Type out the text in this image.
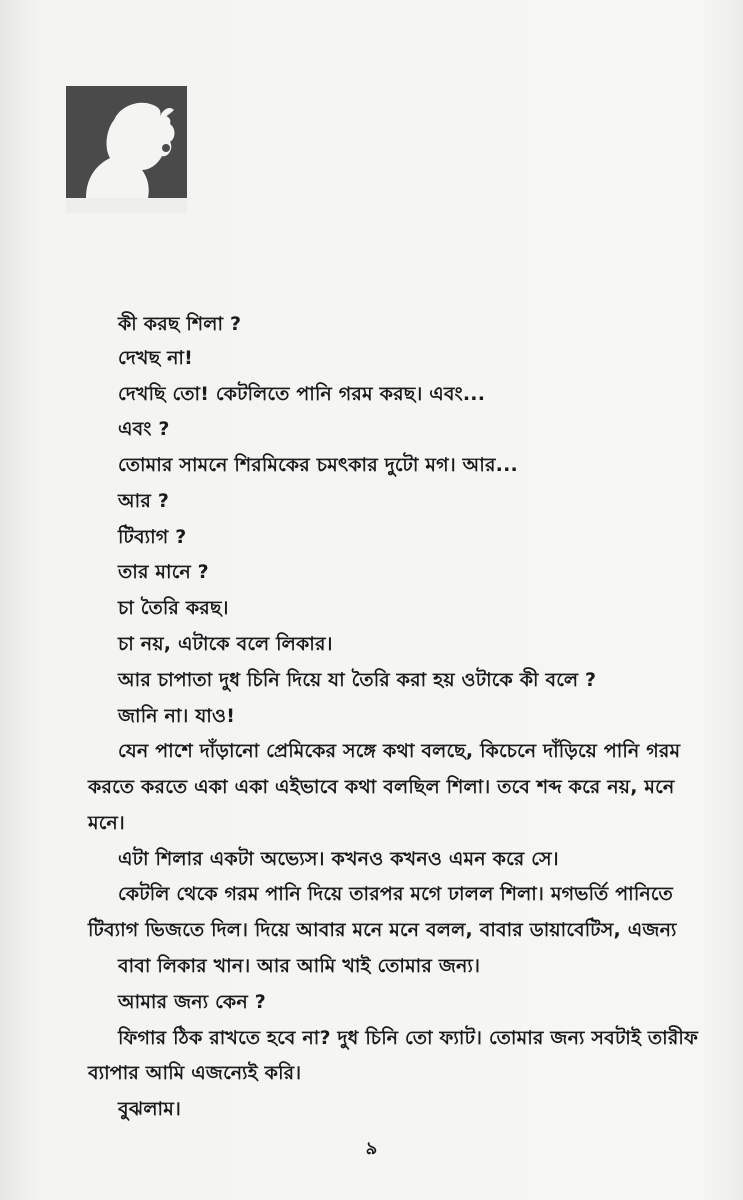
কী করছ শিলা ?
দেখছ না!
দেখছি তো! কেটলিতে পানি গরম করছ। এবং...
এবং ?
তোমার সামনে শিরমিকের চমৎকার দুটো মগ। আর...
আর ?
টিব্যাগ ?
তার মানে ?
চা তৈরি করছ।
চা নয়, এটাকে বলে লিকার।
আর চাপাতা দুধ চিনি দিয়ে যা তৈরি করা হয় ওটাকে কী বলে ?
জানি না। যাও!
যেন পাশে দাঁড়ানো প্রেমিকের সঙ্গে কথা বলছে, কিচেনে দাঁড়িয়ে পানি গরম
করতে করতে একা একা এইভাবে কথা বলছিল শিলা। তবে শব্দ করে নয়, মনে
মনে।
এটা শিলার একটা অভ্যেস। কখনও কখনও এমন করে সে।
কেটলি থেকে গরম পানি দিয়ে তারপর মগে ঢালল শিলা। মগভর্তি পানিতে
টিব্যাগ ভিজতে দিল। দিয়ে আবার মনে মনে বলল, বাবার ডায়াবেটিস, এজন্য
বাবা লিকার খান। আর আমি খাই তোমার জন্য।
আমার জন্য কেন ?
ফিগার ঠিক রাখতে হবে না? দুধ চিনি তো ফ্যাট। তোমার জন্য সবটাই তারীফ
ব্যাপার আমি এজন্যেই করি।
বুঝলাম।
৯
